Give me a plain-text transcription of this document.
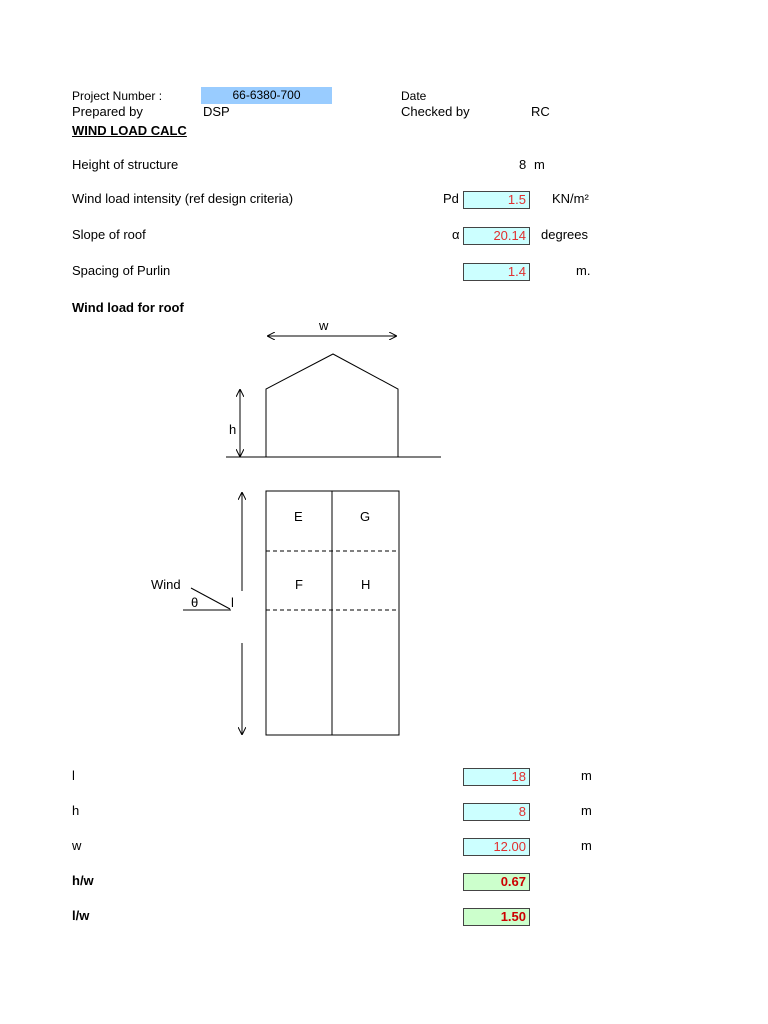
Project Number :	66-6380-700	Date
Prepared by	DSP	Checked by	RC
WIND LOAD CALC
Height of structure	8 m
Wind load intensity (ref design criteria)	Pd	1.5	KN/m²
Slope of roof	α	20.14	degrees
Spacing of Purlin	1.4	m.
Wind load for roof
w
h
Wind
θ	l
E	G
F	H
l	18	m
h	8	m
w	12.00	m
h/w	0.67
l/w	1.50
